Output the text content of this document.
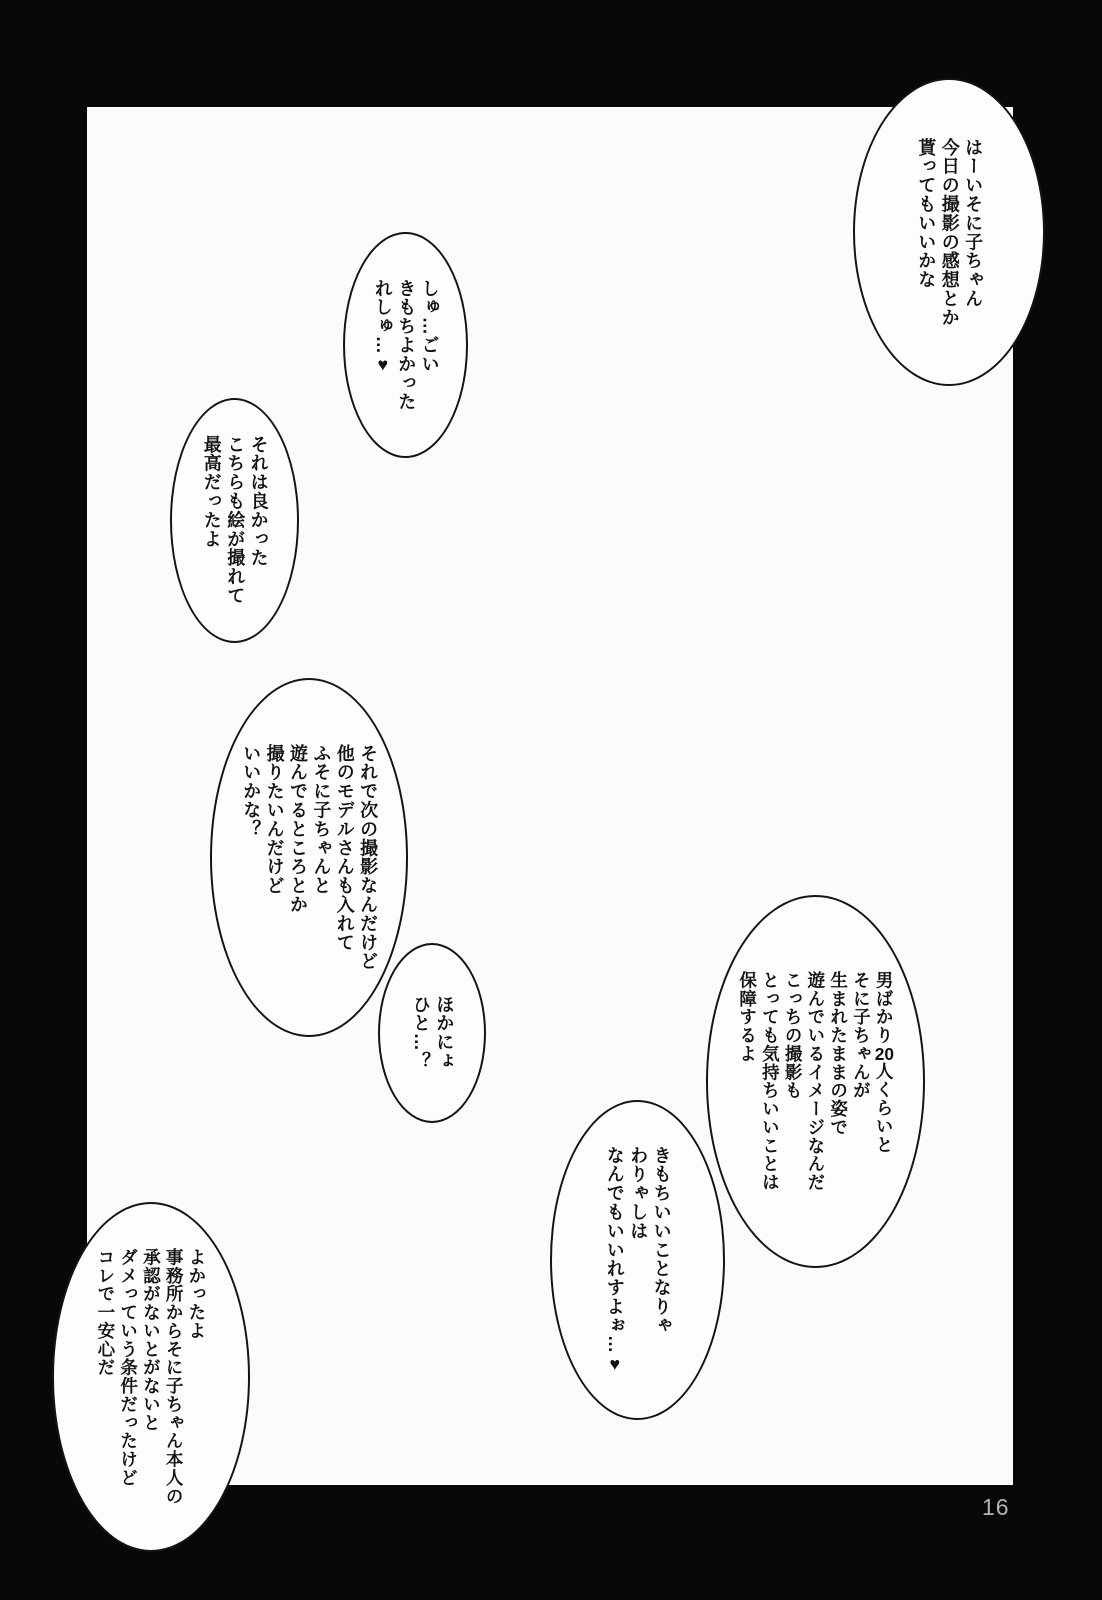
はーいそに子ちゃん
今日の撮影の感想とか
貰ってもいいかな
しゅ…ごい
きもちよかった
れしゅ…♥
それは良かった
こちらも絵が撮れて
最高だったよ
それで次の撮影なんだけど
他のモデルさんも入れて
ふそに子ちゃんと
遊んでるところとか
撮りたいんだけど
いいかな？
ほかにょ
ひと…？	男ばかり20人くらいと
そに子ちゃんが
生まれたままの姿で
遊んでいるイメージなんだ
こっちの撮影も
とっても気持ちいいことは
保障するよ
きもちいいことなりゃ
わりゃしは
なんでもいいれすよぉ…♥
よかったよ
事務所からそに子ちゃん本人の
承認がないとがないと
ダメっていう条件だったけど
コレで一安心だ
16
